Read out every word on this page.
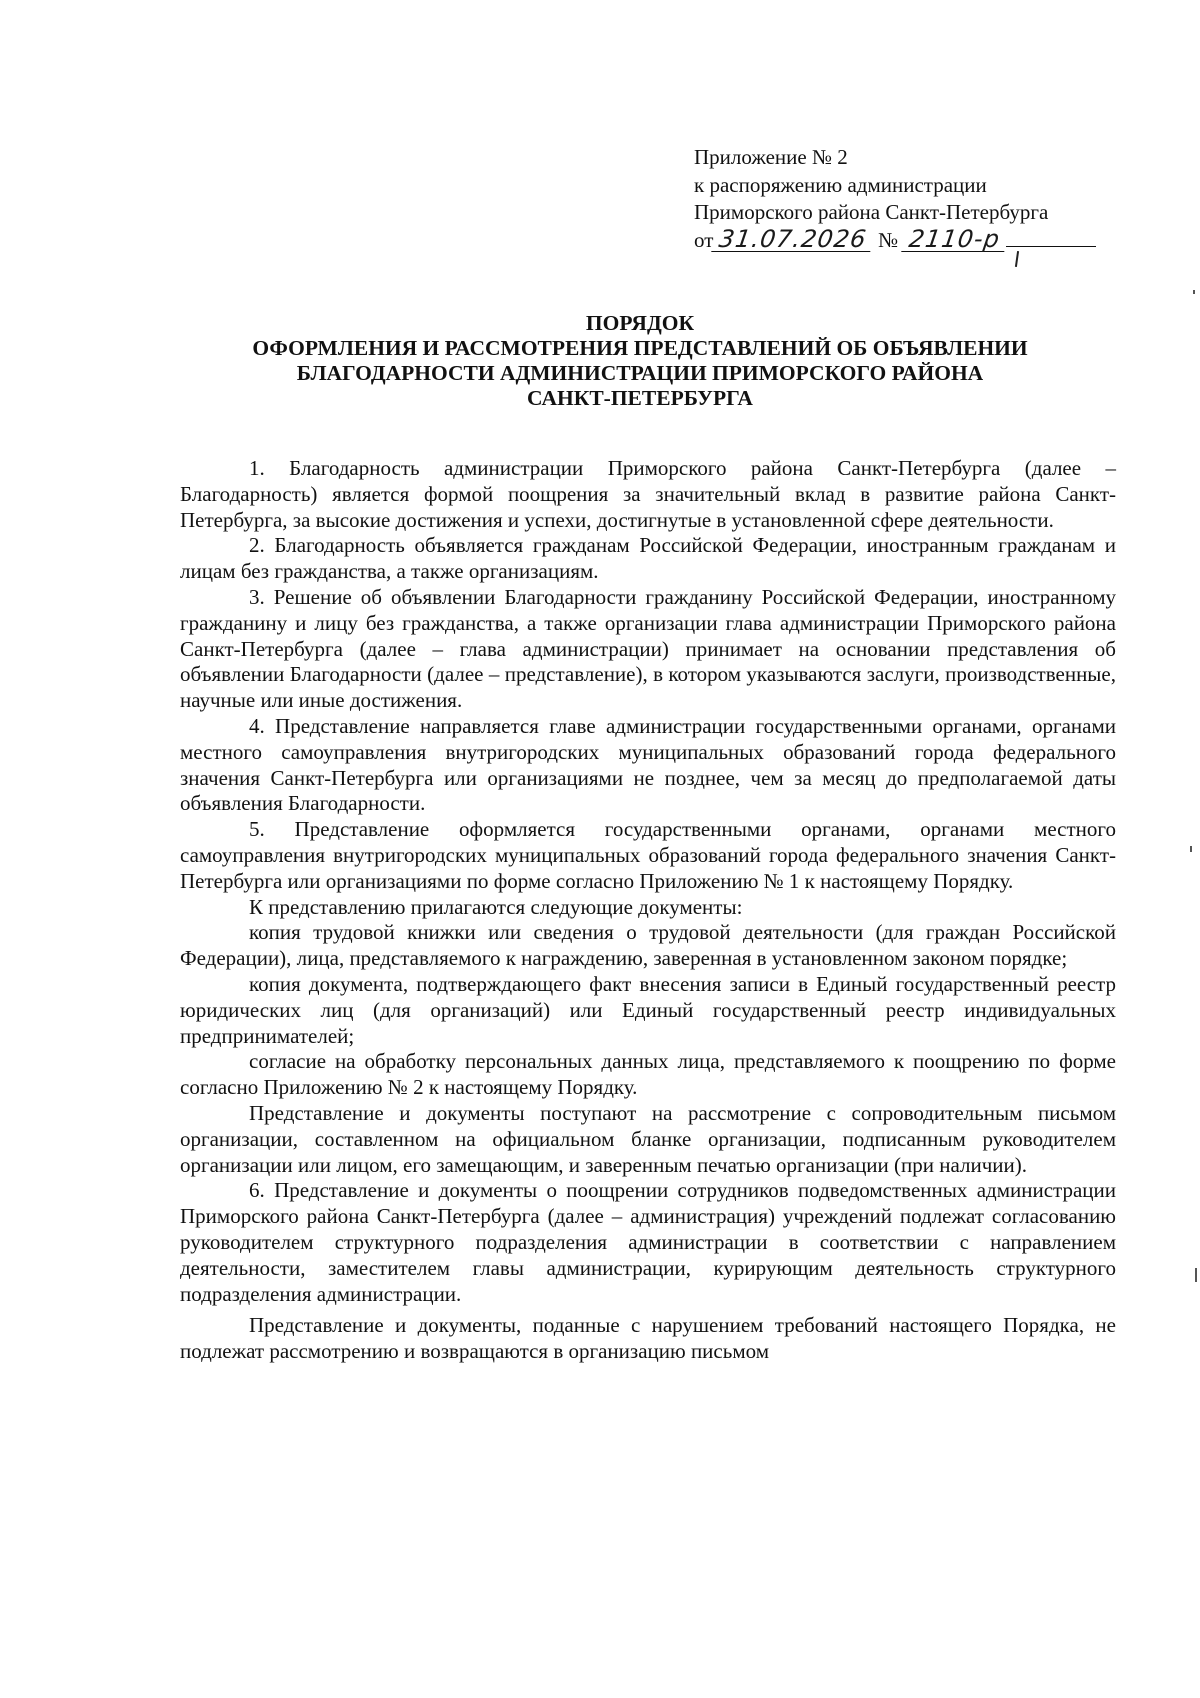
Приложение № 2
к распоряжению администрации
Приморского района Санкт-Петербурга
от 31.07.2026 № 2110-р
ПОРЯДОК
ОФОРМЛЕНИЯ И РАССМОТРЕНИЯ ПРЕДСТАВЛЕНИЙ ОБ ОБЪЯВЛЕНИИ
БЛАГОДАРНОСТИ АДМИНИСТРАЦИИ ПРИМОРСКОГО РАЙОНА
САНКТ-ПЕТЕРБУРГА

1. Благодарность администрации Приморского района Санкт-Петербурга (далее – Благодарность) является формой поощрения за значительный вклад в развитие района Санкт-Петербурга, за высокие достижения и успехи, достигнутые в установленной сфере деятельности.

2. Благодарность объявляется гражданам Российской Федерации, иностранным гражданам и лицам без гражданства, а также организациям.

3. Решение об объявлении Благодарности гражданину Российской Федерации, иностранному гражданину и лицу без гражданства, а также организации глава администрации Приморского района Санкт-Петербурга (далее – глава администрации) принимает на основании представления об объявлении Благодарности (далее – представление), в котором указываются заслуги, производственные, научные или иные достижения.

4. Представление направляется главе администрации государственными органами, органами местного самоуправления внутригородских муниципальных образований города федерального значения Санкт-Петербурга или организациями не позднее, чем за месяц до предполагаемой даты объявления Благодарности.

5. Представление оформляется государственными органами, органами местного самоуправления внутригородских муниципальных образований города федерального значения Санкт-Петербурга или организациями по форме согласно Приложению № 1 к настоящему Порядку.

К представлению прилагаются следующие документы:

копия трудовой книжки или сведения о трудовой деятельности (для граждан Российской Федерации), лица, представляемого к награждению, заверенная в установленном законом порядке;

копия документа, подтверждающего факт внесения записи в Единый государственный реестр юридических лиц (для организаций) или Единый государственный реестр индивидуальных предпринимателей;

согласие на обработку персональных данных лица, представляемого к поощрению по форме согласно Приложению № 2 к настоящему Порядку.

Представление и документы поступают на рассмотрение с сопроводительным письмом организации, составленном на официальном бланке организации, подписанным руководителем организации или лицом, его замещающим, и заверенным печатью организации (при наличии).

6. Представление и документы о поощрении сотрудников подведомственных администрации Приморского района Санкт-Петербурга (далее – администрация) учреждений подлежат согласованию руководителем структурного подразделения администрации в соответствии с направлением деятельности, заместителем главы администрации, курирующим деятельность структурного подразделения администрации.

Представление и документы, поданные с нарушением требований настоящего Порядка, не подлежат рассмотрению и возвращаются в организацию письмом
